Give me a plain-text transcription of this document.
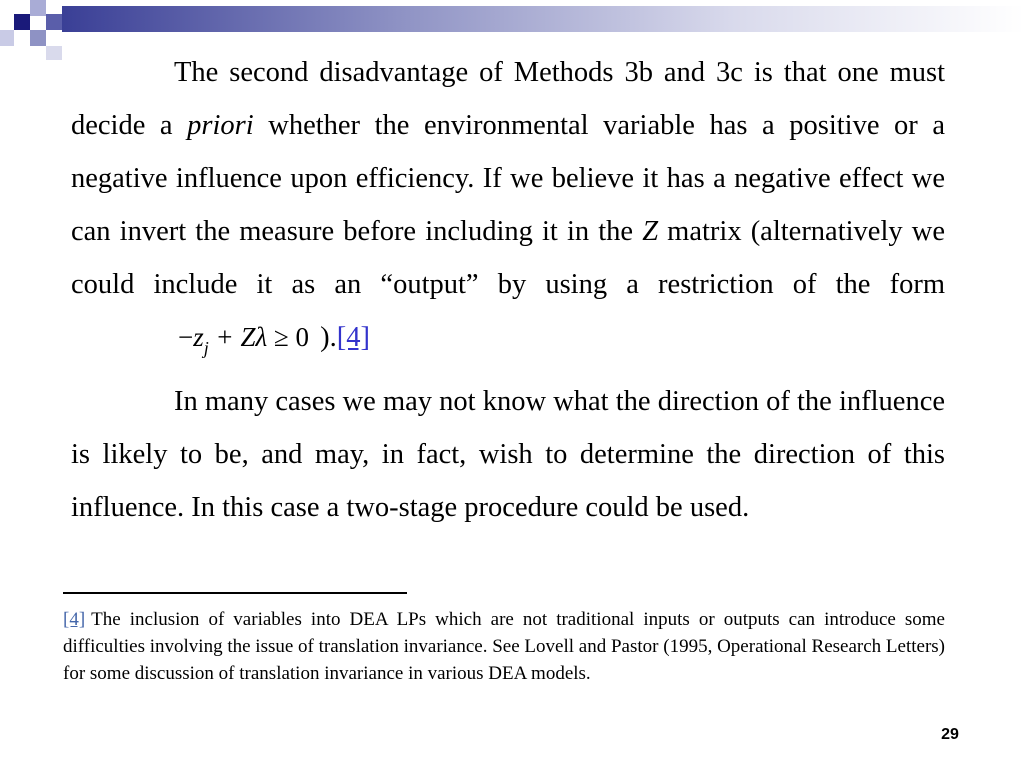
The second disadvantage of Methods 3b and 3c is that one must decide a priori whether the environmental variable has a positive or a negative influence upon efficiency. If we believe it has a negative effect we can invert the measure before including it in the Z matrix (alternatively we could include it as an “output” by using a restriction of the form $-z_j + Z\lambda \ge 0$ ).[4]

In many cases we may not know what the direction of the influence is likely to be, and may, in fact, wish to determine the direction of this influence. In this case a two-stage procedure could be used.

[4] The inclusion of variables into DEA LPs which are not traditional inputs or outputs can introduce some difficulties involving the issue of translation invariance. See Lovell and Pastor (1995, Operational Research Letters) for some discussion of translation invariance in various DEA models.
29
